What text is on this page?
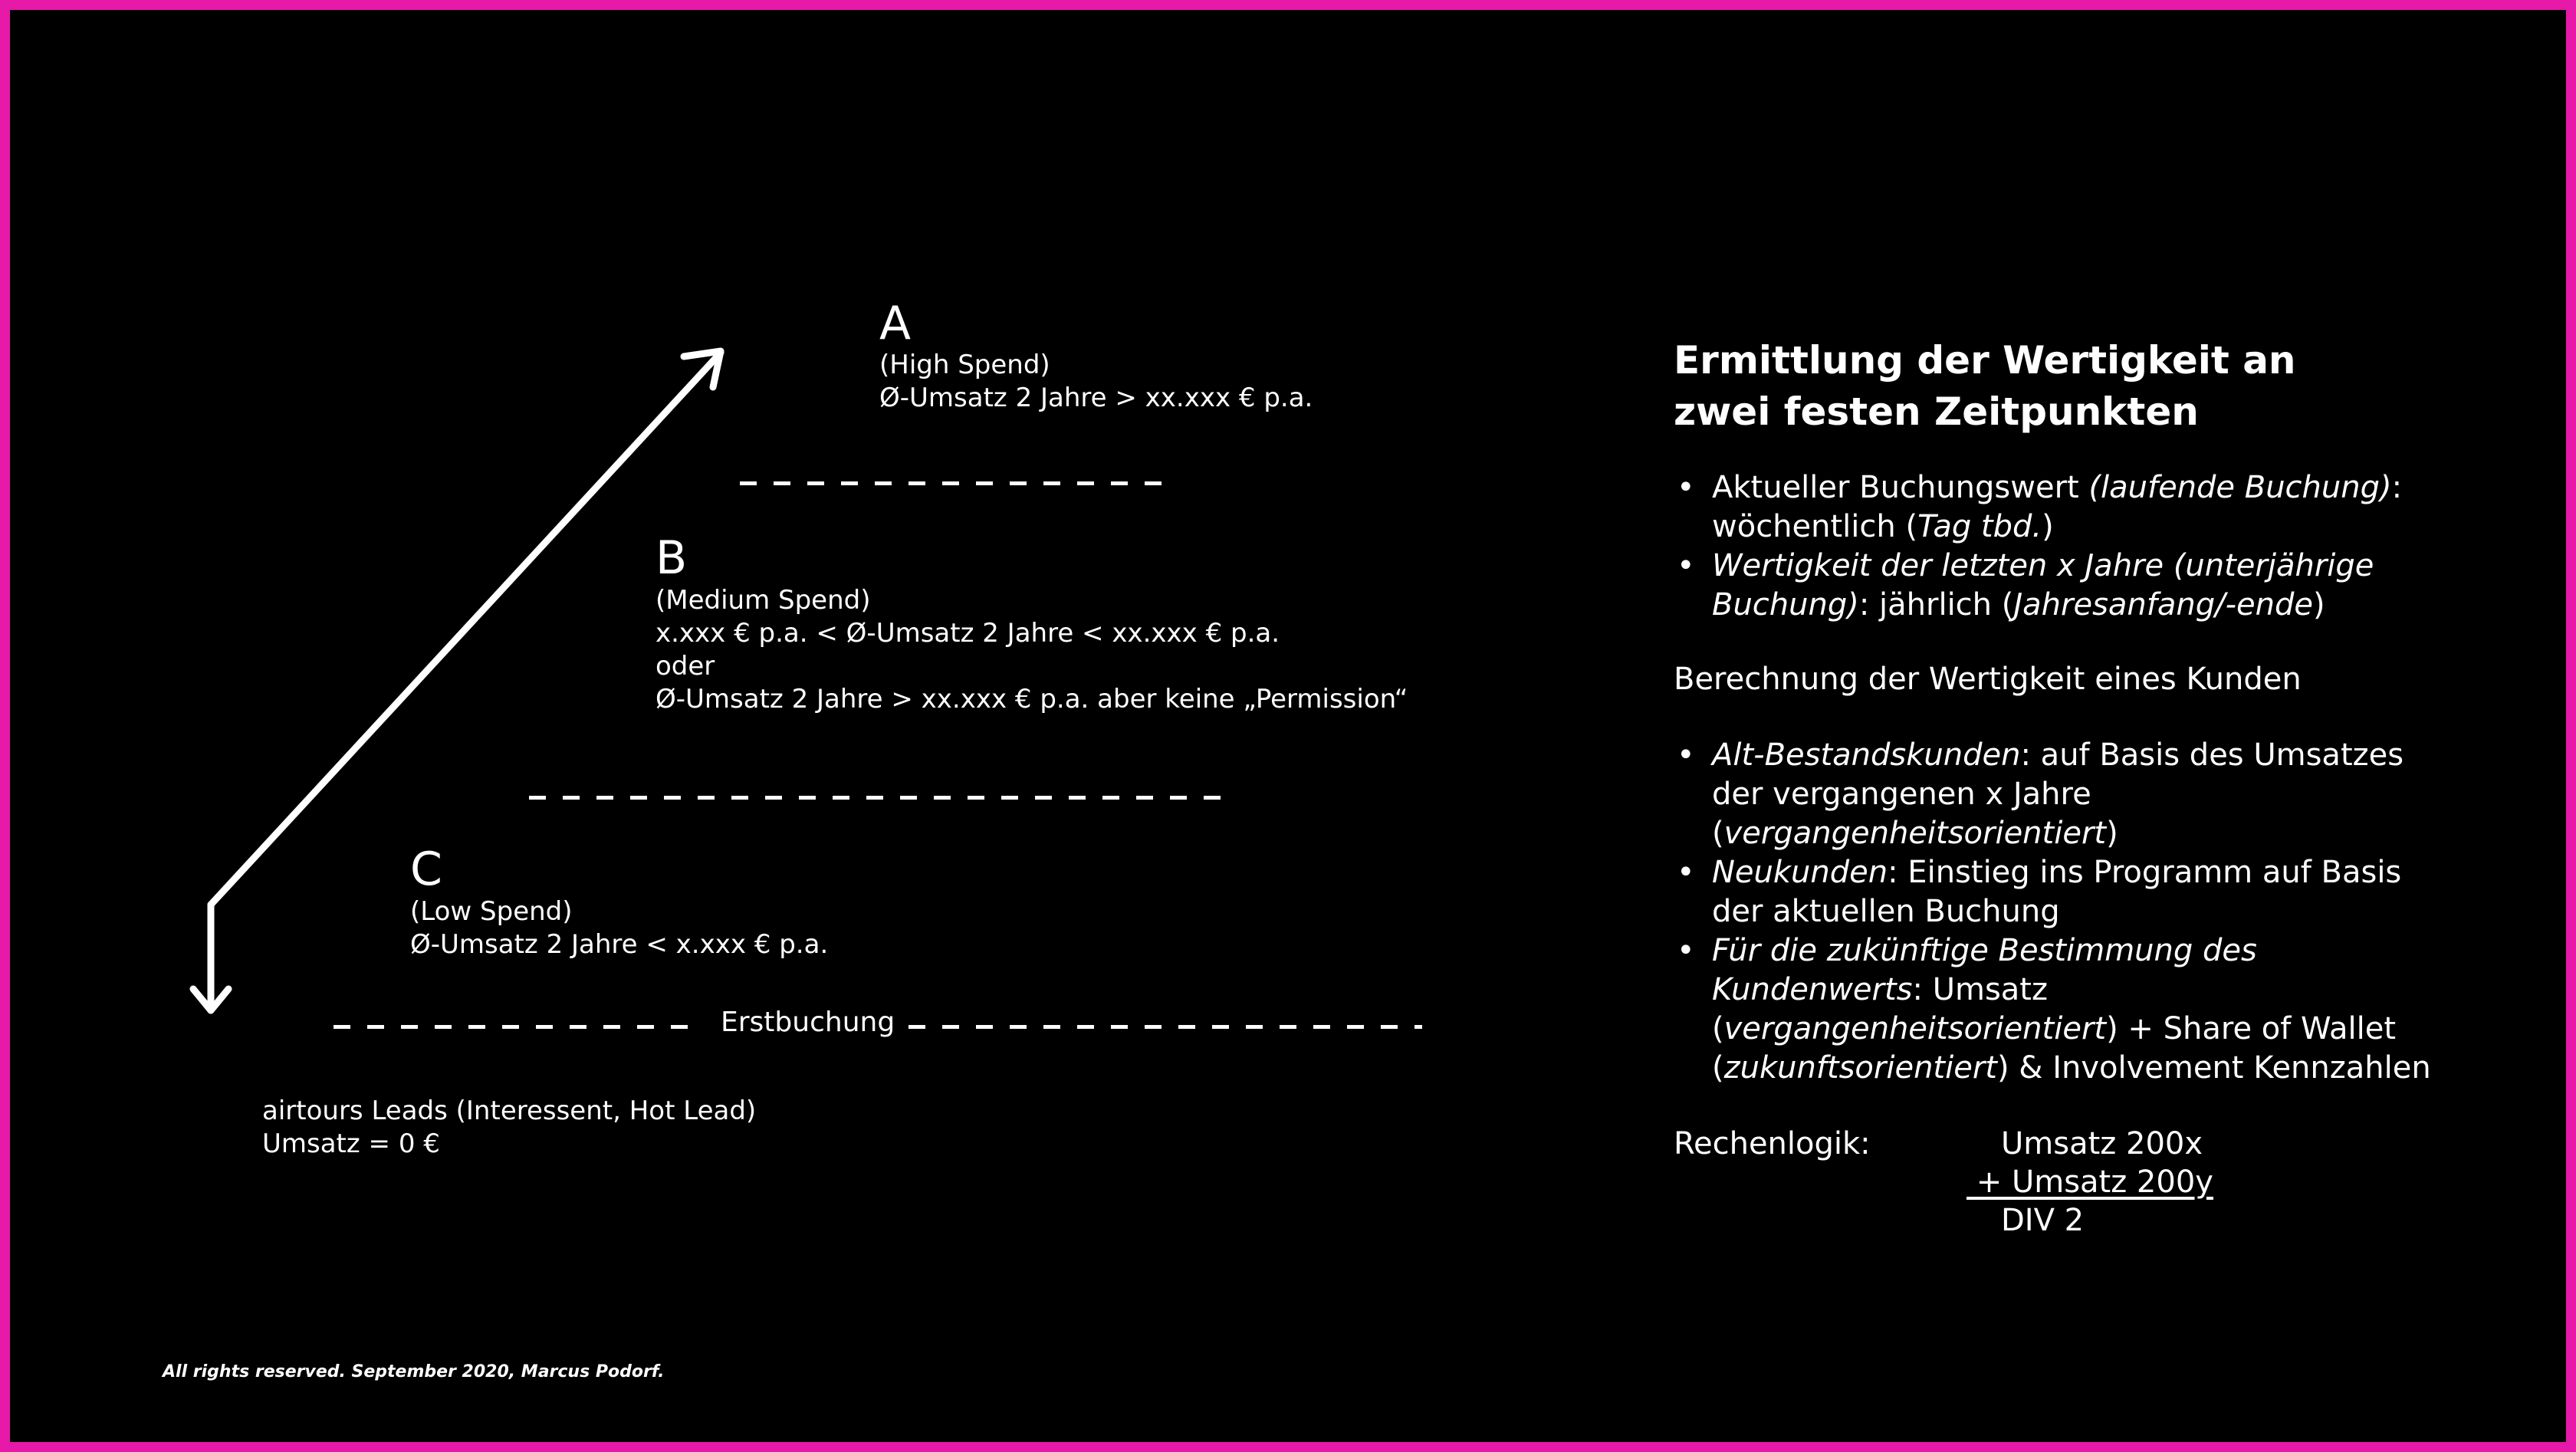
A
(High Spend)
Ø-Umsatz 2 Jahre > xx.xxx € p.a.
B
(Medium Spend)
x.xxx € p.a. < Ø-Umsatz 2 Jahre < xx.xxx € p.a.
oder
Ø-Umsatz 2 Jahre > xx.xxx € p.a. aber keine „Permission“
C
(Low Spend)
Ø-Umsatz 2 Jahre < x.xxx € p.a.
Erstbuchung
airtours Leads (Interessent, Hot Lead)
Umsatz = 0 €
All rights reserved. September 2020, Marcus Podorf.
Ermittlung der Wertigkeit an zwei festen Zeitpunkten
• Aktueller Buchungswert (laufende Buchung): wöchentlich (Tag tbd.)
• Wertigkeit der letzten x Jahre (unterjährige Buchung): jährlich (Jahresanfang/-ende)
Berechnung der Wertigkeit eines Kunden
• Alt-Bestandskunden: auf Basis des Umsatzes der vergangenen x Jahre (vergangenheitsorientiert)
• Neukunden: Einstieg ins Programm auf Basis der aktuellen Buchung
• Für die zukünftige Bestimmung des Kundenwerts: Umsatz (vergangenheitsorientiert) + Share of Wallet (zukunftsorientiert) & Involvement Kennzahlen
Rechenlogik:	Umsatz 200x
+ Umsatz 200y
DIV 2
